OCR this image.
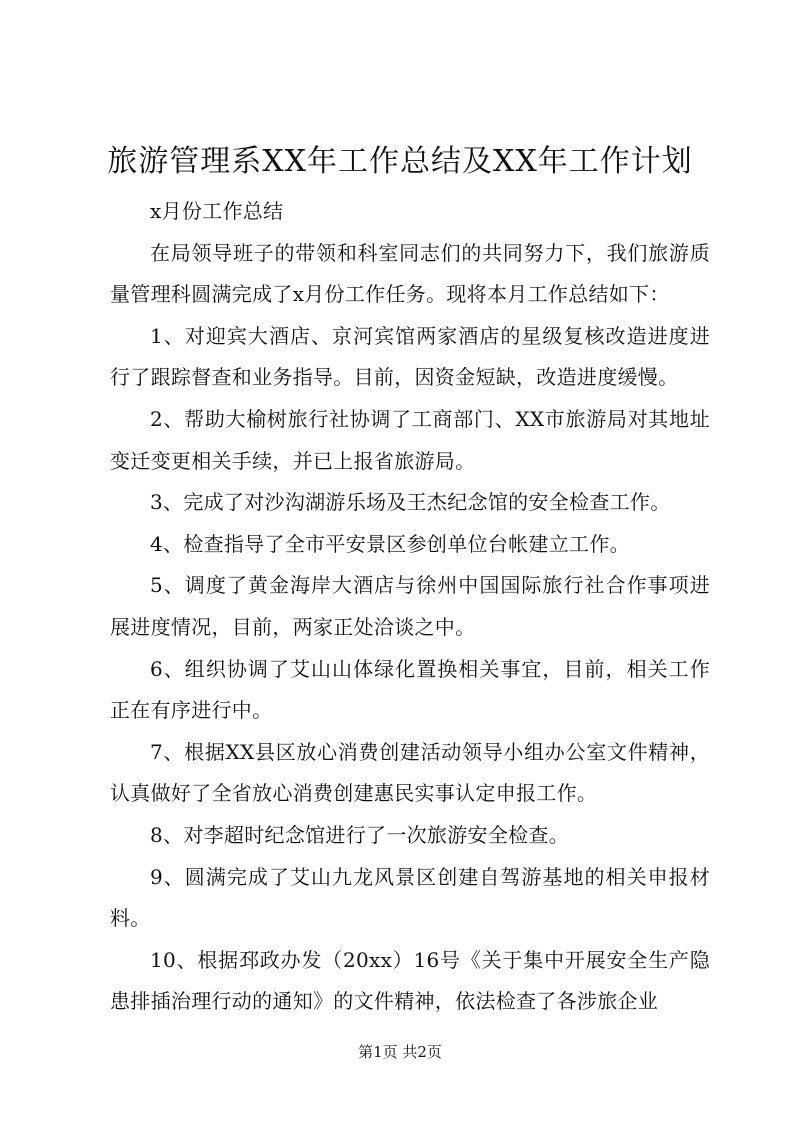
旅游管理系XX年工作总结及XX年工作计划

x月份工作总结

在局领导班子的带领和科室同志们的共同努力下，我们旅游质量管理科圆满完成了x月份工作任务。现将本月工作总结如下：

1、对迎宾大酒店、京河宾馆两家酒店的星级复核改造进度进行了跟踪督查和业务指导。目前，因资金短缺，改造进度缓慢。

2、帮助大榆树旅行社协调了工商部门、XX市旅游局对其地址变迁变更相关手续，并已上报省旅游局。

3、完成了对沙沟湖游乐场及王杰纪念馆的安全检查工作。

4、检查指导了全市平安景区参创单位台帐建立工作。

5、调度了黄金海岸大酒店与徐州中国国际旅行社合作事项进展进度情况，目前，两家正处洽谈之中。

6、组织协调了艾山山体绿化置换相关事宜，目前，相关工作正在有序进行中。

7、根据XX县区放心消费创建活动领导小组办公室文件精神，认真做好了全省放心消费创建惠民实事认定申报工作。

8、对李超时纪念馆进行了一次旅游安全检查。

9、圆满完成了艾山九龙风景区创建自驾游基地的相关申报材料。

10、根据邳政办发（20xx）16号《关于集中开展安全生产隐患排插治理行动的通知》的文件精神，依法检查了各涉旅企业

第1页 共2页
